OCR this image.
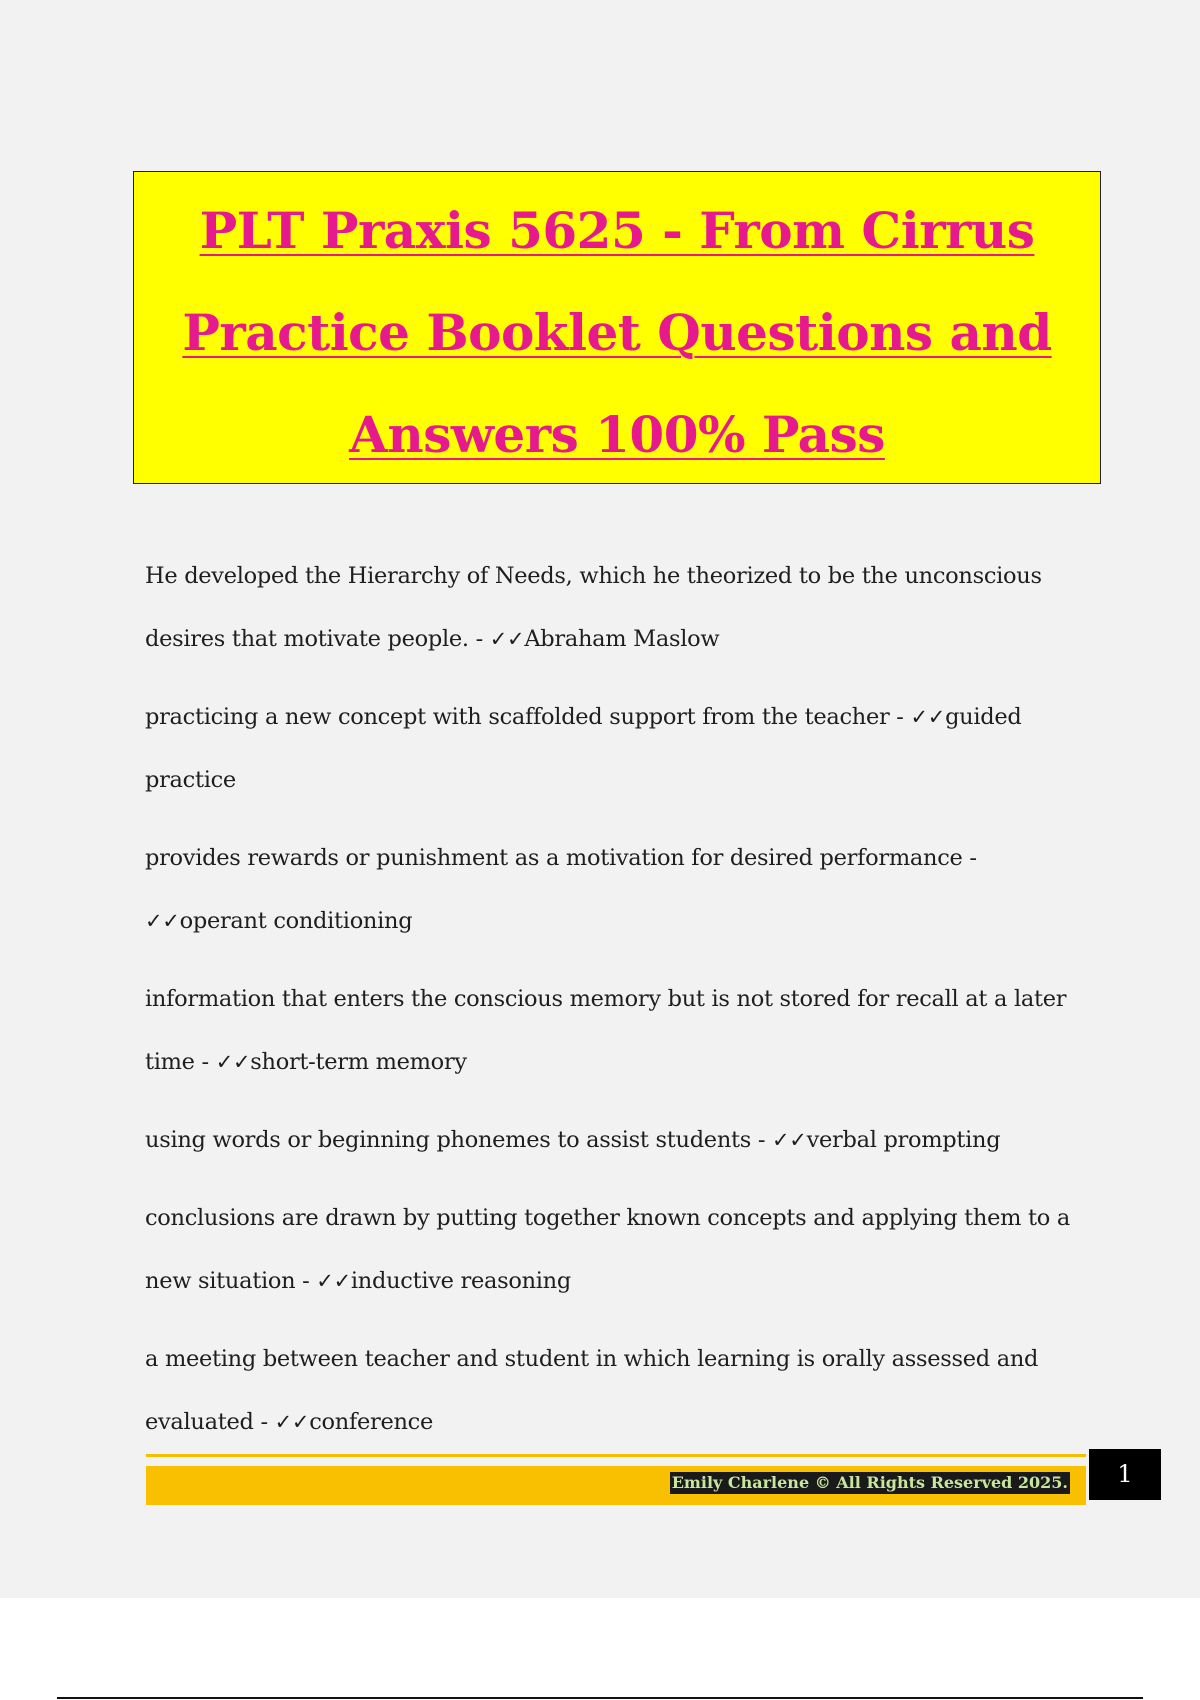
PLT Praxis 5625 - From Cirrus
Practice Booklet Questions and
Answers 100% Pass
He developed the Hierarchy of Needs, which he theorized to be the unconscious desires that motivate people. - ✓✓Abraham Maslow
practicing a new concept with scaffolded support from the teacher - ✓✓guided practice
provides rewards or punishment as a motivation for desired performance - ✓✓operant conditioning
information that enters the conscious memory but is not stored for recall at a later time - ✓✓short-term memory
using words or beginning phonemes to assist students - ✓✓verbal prompting
conclusions are drawn by putting together known concepts and applying them to a new situation - ✓✓inductive reasoning
a meeting between teacher and student in which learning is orally assessed and evaluated - ✓✓conference
Emily Charlene © All Rights Reserved 2025.	1
